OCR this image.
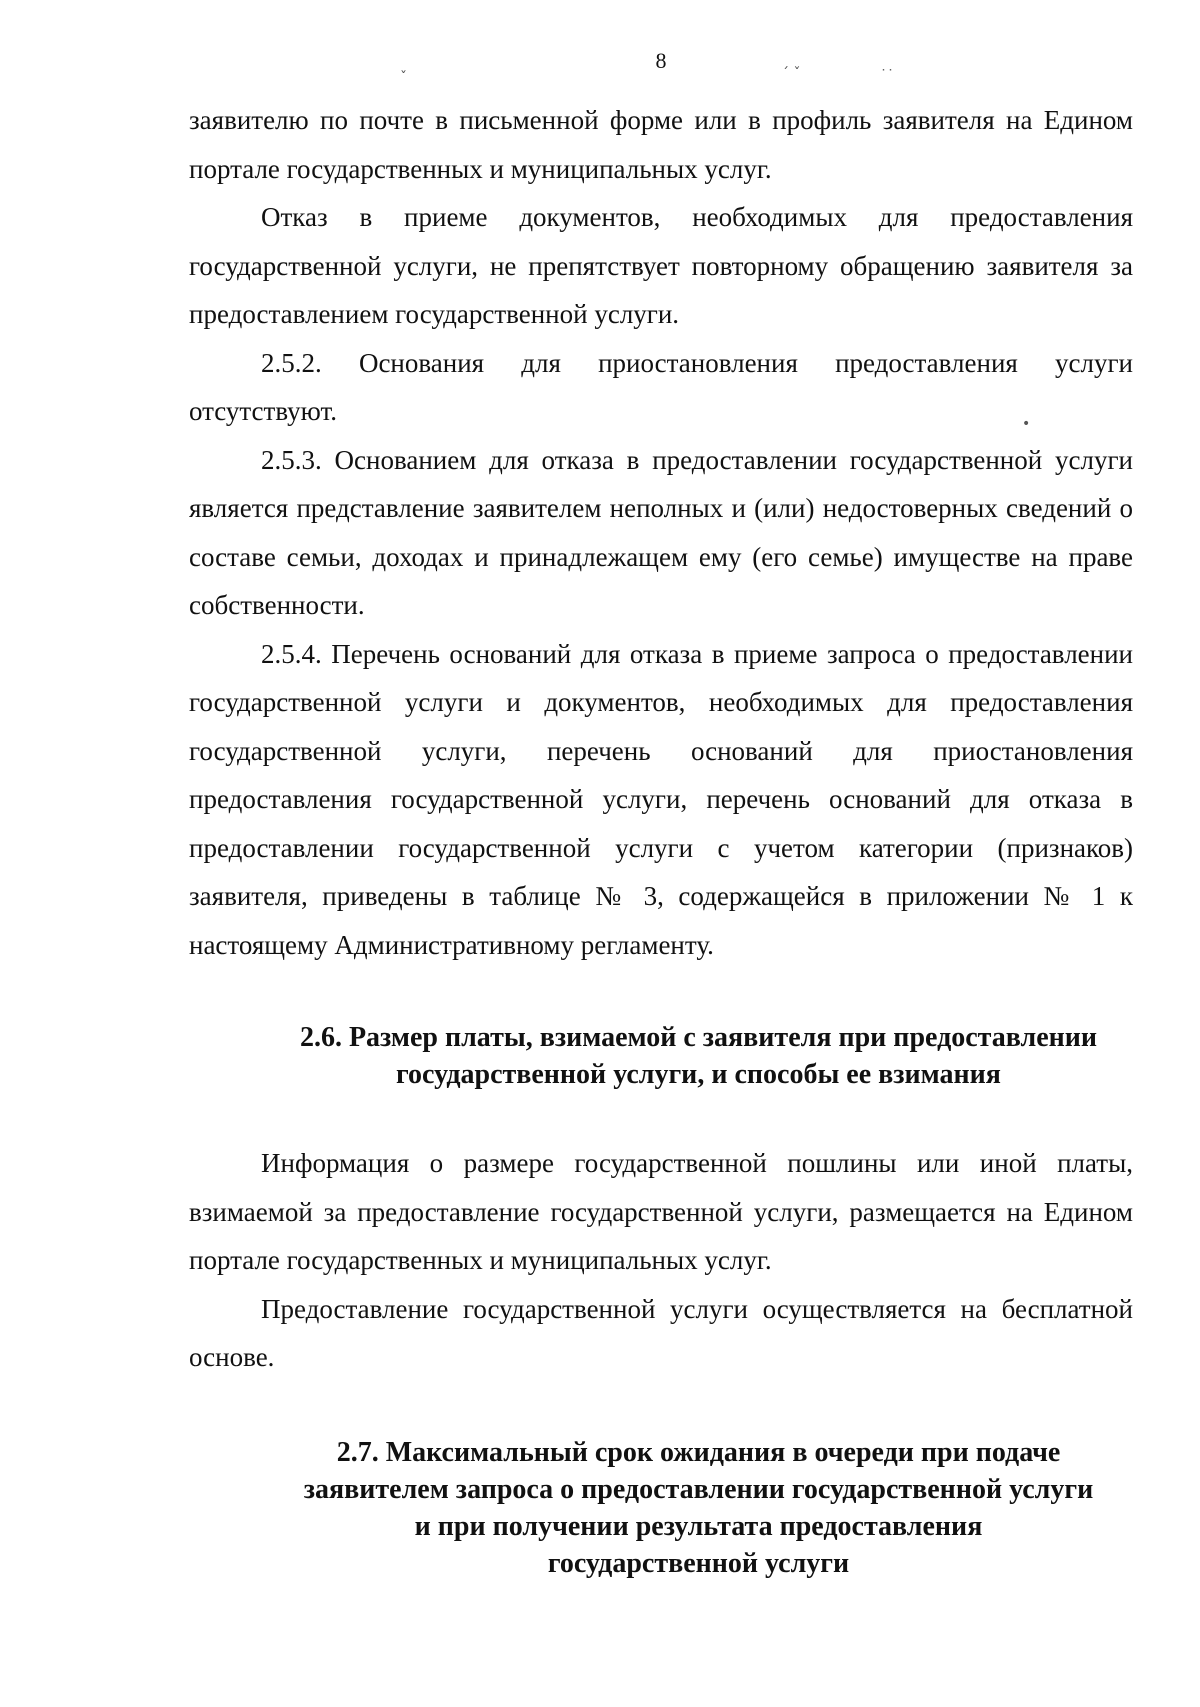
8
ˇ	´ ˇ	˙˙
•

заявителю по почте в письменной форме или в профиль заявителя на Едином портале государственных и муниципальных услуг.

Отказ в приеме документов, необходимых для предоставления государственной услуги, не препятствует повторному обращению заявителя за предоставлением государственной услуги.

2.5.2. Основания для приостановления предоставления услуги отсутствуют.

2.5.3. Основанием для отказа в предоставлении государственной услуги является представление заявителем неполных и (или) недостоверных сведений о составе семьи, доходах и принадлежащем ему (его семье) имуществе на праве собственности.

2.5.4. Перечень оснований для отказа в приеме запроса о предоставлении государственной услуги и документов, необходимых для предоставления государственной услуги, перечень оснований для приостановления предоставления государственной услуги, перечень оснований для отказа в предоставлении государственной услуги с учетом категории (признаков) заявителя, приведены в таблице № 3, содержащейся в приложении № 1 к настоящему Административному регламенту.

2.6. Размер платы, взимаемой с заявителя при предоставлении
государственной услуги, и способы ее взимания

Информация о размере государственной пошлины или иной платы, взимаемой за предоставление государственной услуги, размещается на Едином портале государственных и муниципальных услуг.

Предоставление государственной услуги осуществляется на бесплатной основе.

2.7. Максимальный срок ожидания в очереди при подаче
заявителем запроса о предоставлении государственной услуги
и при получении результата предоставления
государственной услуги
